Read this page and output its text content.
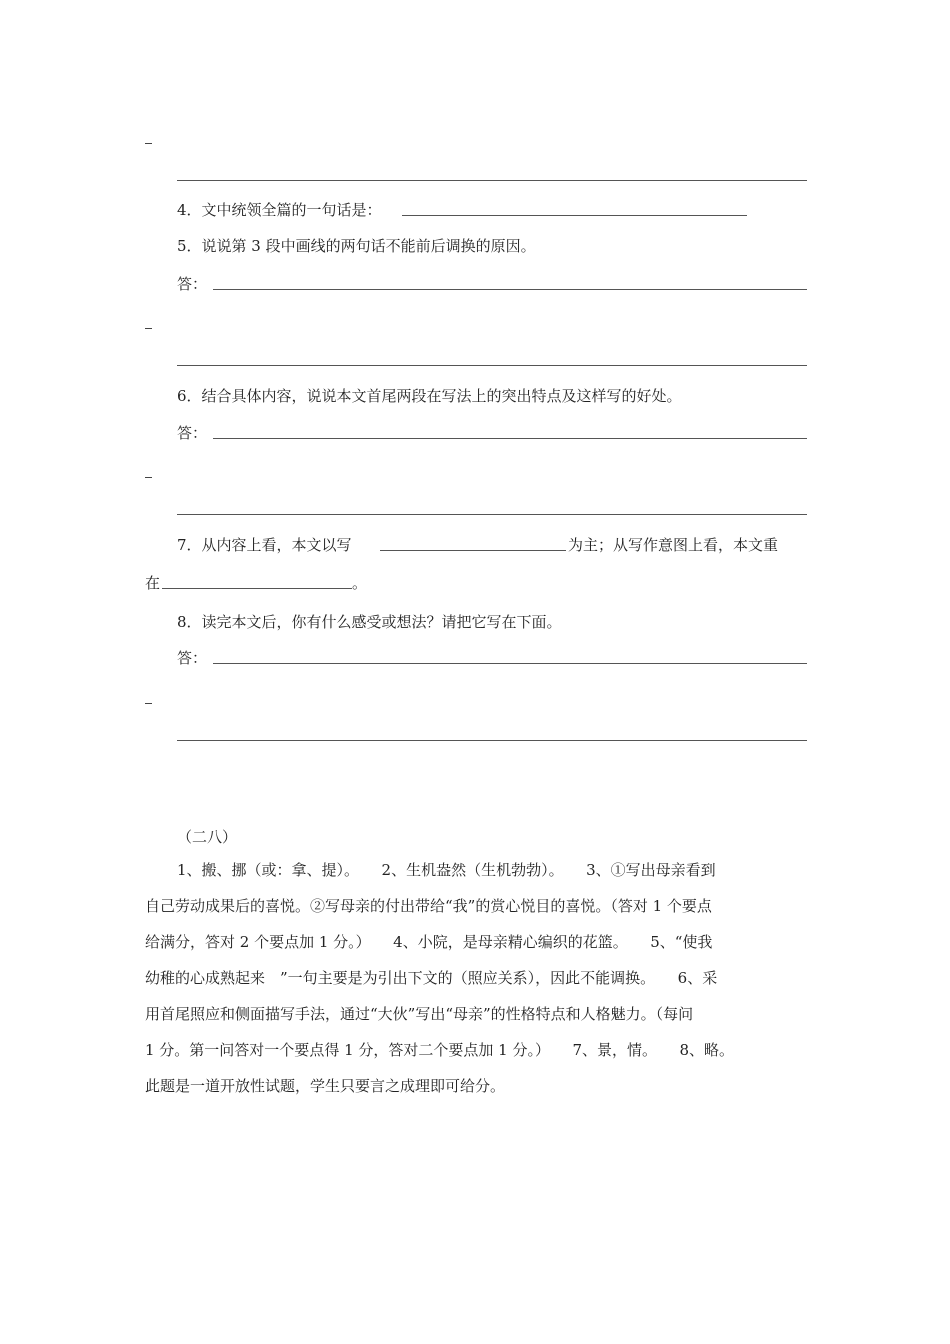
4．文中统领全篇的一句话是：
5．说说第 3 段中画线的两句话不能前后调换的原因。
答：
6．结合具体内容，说说本文首尾两段在写法上的突出特点及这样写的好处。
答：
7．从内容上看，本文以写	为主；从写作意图上看，本文重
在	。
8．读完本文后，你有什么感受或想法？请把它写在下面。
答：
（二八）

1、搬、挪（或：拿、提）。　　2、生机盎然（生机勃勃）。　　3、①写出母亲看到

自己劳动成果后的喜悦。②写母亲的付出带给“我”的赏心悦目的喜悦。（答对 1 个要点

给满分，答对 2 个要点加 1 分。）　　4、小院，是母亲精心编织的花篮。　　5、“使我

幼稚的心成熟起来　”一句主要是为引出下文的（照应关系），因此不能调换。　　6、采

用首尾照应和侧面描写手法，通过“大伙”写出“母亲”的性格特点和人格魅力。（每问

1 分。第一问答对一个要点得 1 分，答对二个要点加 1 分。）　　7、景，情。　　8、略。

此题是一道开放性试题，学生只要言之成理即可给分。
